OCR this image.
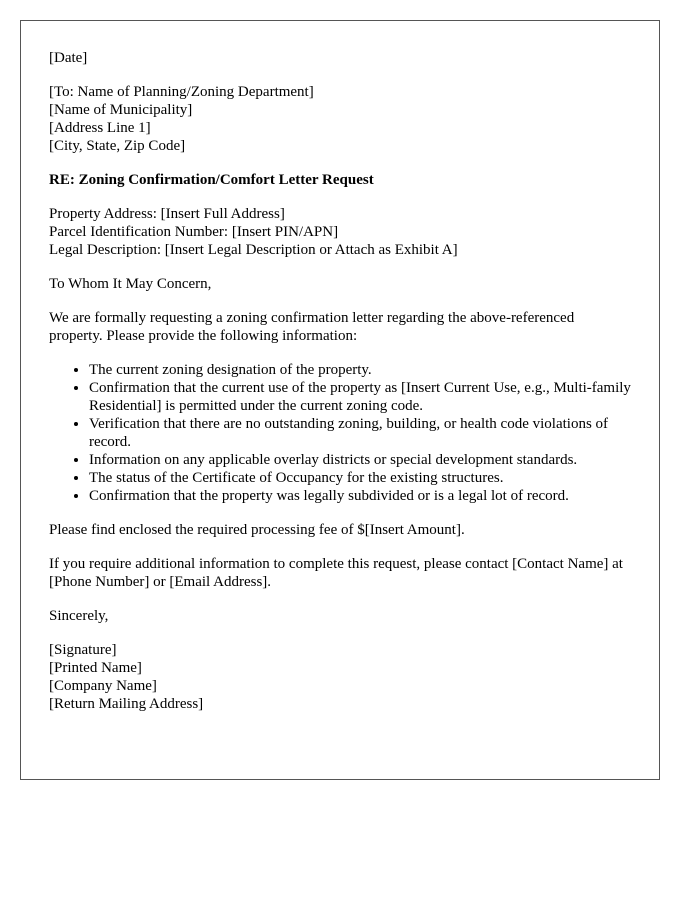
[Date]
[To: Name of Planning/Zoning Department]
[Name of Municipality]
[Address Line 1]
[City, State, Zip Code]
RE: Zoning Confirmation/Comfort Letter Request
Property Address: [Insert Full Address]
Parcel Identification Number: [Insert PIN/APN]
Legal Description: [Insert Legal Description or Attach as Exhibit A]
To Whom It May Concern,
We are formally requesting a zoning confirmation letter regarding the above-referenced property. Please provide the following information:
• The current zoning designation of the property.
• Confirmation that the current use of the property as [Insert Current Use, e.g., Multi-family Residential] is permitted under the current zoning code.
• Verification that there are no outstanding zoning, building, or health code violations of record.
• Information on any applicable overlay districts or special development standards.
• The status of the Certificate of Occupancy for the existing structures.
• Confirmation that the property was legally subdivided or is a legal lot of record.
Please find enclosed the required processing fee of $[Insert Amount].
If you require additional information to complete this request, please contact [Contact Name] at [Phone Number] or [Email Address].
Sincerely,
[Signature]
[Printed Name]
[Company Name]
[Return Mailing Address]
